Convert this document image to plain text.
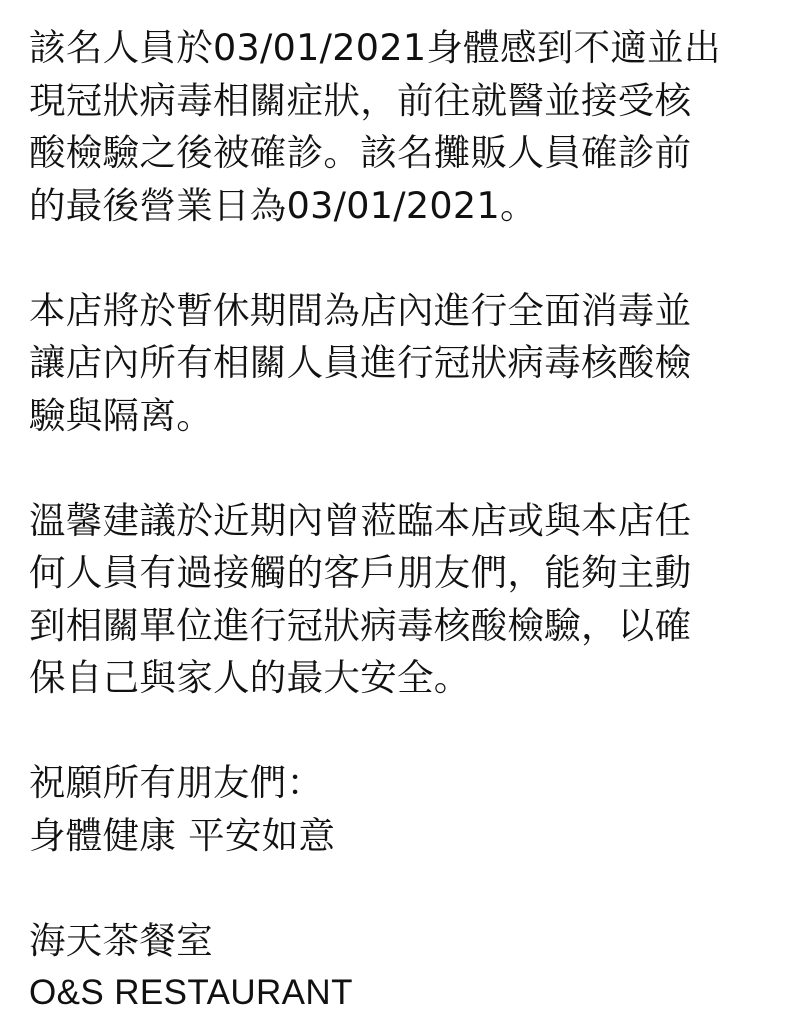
該名人員於03/01/2021身體感到不適並出
現冠狀病毒相關症狀，前往就醫並接受核
酸檢驗之後被確診。該名攤販人員確診前
的最後營業日為03/01/2021。
本店將於暫休期間為店內進行全面消毒並
讓店內所有相關人員進行冠狀病毒核酸檢
驗與隔离。
溫馨建議於近期內曾蒞臨本店或與本店任
何人員有過接觸的客戶朋友們，能夠主動
到相關單位進行冠狀病毒核酸檢驗，以確
保自己與家人的最大安全。
祝願所有朋友們：
身體健康 平安如意
海天茶餐室
O&S RESTAURANT
